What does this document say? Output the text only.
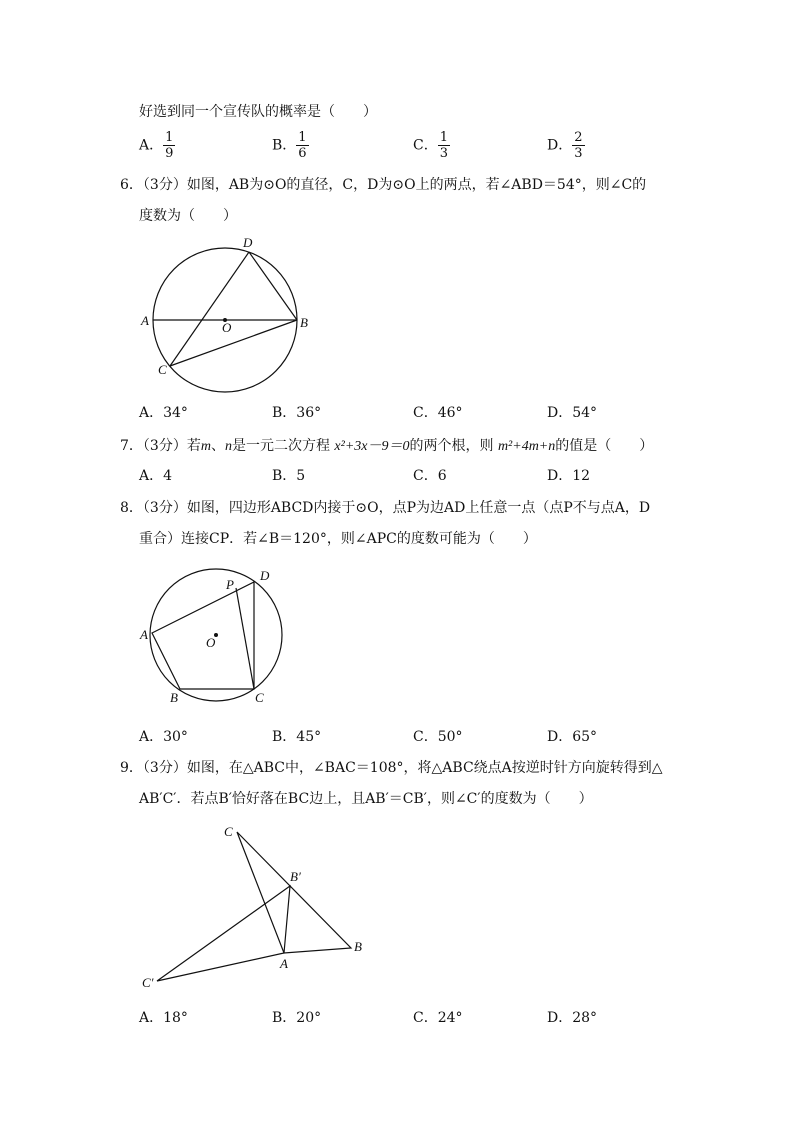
好选到同一个宣传队的概率是（　　）
A． $\frac{1}{9}$	B． $\frac{1}{6}$	C． $\frac{1}{3}$	D． $\frac{2}{3}$
6．（3分）如图，AB为⊙O的直径，C，D为⊙O上的两点，若∠ABD＝54°，则∠C的
度数为（　　）
A	B
C
D
O
A．34°	B．36°	C．46°	D．54°
7．（3分）若m、n是一元二次方程 x²+3x－9＝0的两个根，则 m²+4m+n的值是（　　）
A．4	B．5	C．6	D．12
8．（3分）如图，四边形ABCD内接于⊙O，点P为边AD上任意一点（点P不与点A，D
重合）连接CP．若∠B＝120°，则∠APC的度数可能为（　　）
A
B	C
D
P
O
A．30°	B．45°	C．50°	D．65°
9．（3分）如图，在△ABC中，∠BAC＝108°，将△ABC绕点A按逆时针方向旋转得到△
AB′C′．若点B′恰好落在BC边上，且AB′＝CB′，则∠C′的度数为（　　）
C
B′
B
A
C′
A．18°	B．20°	C．24°	D．28°
